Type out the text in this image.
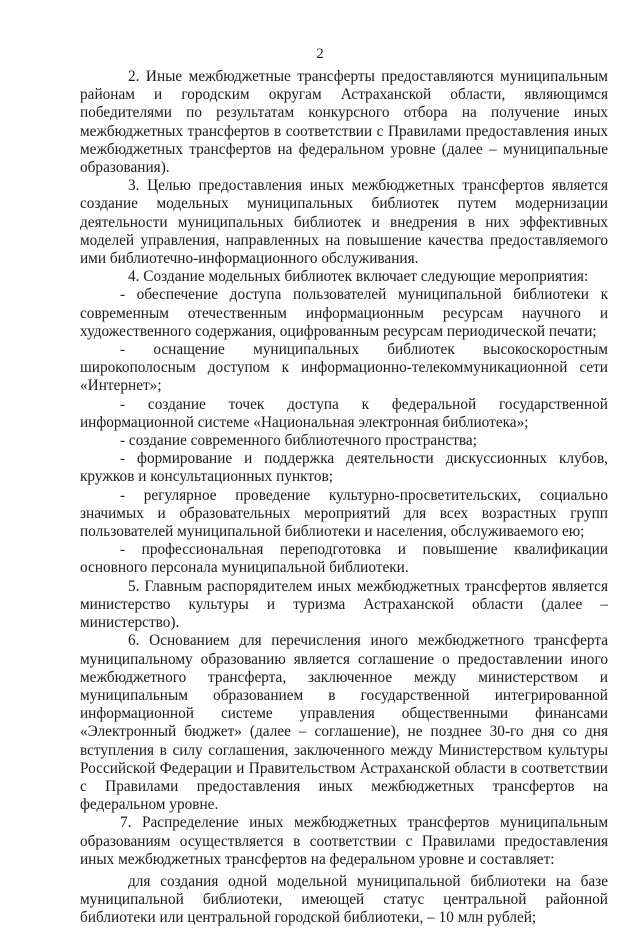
2

2. Иные межбюджетные трансферты предоставляются муниципальным районам и городским округам Астраханской области, являющимся победителями по результатам конкурсного отбора на получение иных межбюджетных трансфертов в соответствии с Правилами предоставления иных межбюджетных трансфертов на федеральном уровне (далее – муниципальные образования).

3. Целью предоставления иных межбюджетных трансфертов является создание модельных муниципальных библиотек путем модернизации деятельности муниципальных библиотек и внедрения в них эффективных моделей управления, направленных на повышение качества предоставляемого ими библиотечно-информационного обслуживания.

4. Создание модельных библиотек включает следующие мероприятия:

- обеспечение доступа пользователей муниципальной библиотеки к современным отечественным информационным ресурсам научного и художественного содержания, оцифрованным ресурсам периодической печати;

- оснащение муниципальных библиотек высокоскоростным широкополосным доступом к информационно-телекоммуникационной сети «Интернет»;

- создание точек доступа к федеральной государственной информационной системе «Национальная электронная библиотека»;

- создание современного библиотечного пространства;

- формирование и поддержка деятельности дискуссионных клубов, кружков и консультационных пунктов;

- регулярное проведение культурно-просветительских, социально значимых и образовательных мероприятий для всех возрастных групп пользователей муниципальной библиотеки и населения, обслуживаемого ею;

- профессиональная переподготовка и повышение квалификации основного персонала муниципальной библиотеки.

5. Главным распорядителем иных межбюджетных трансфертов является министерство культуры и туризма Астраханской области (далее – министерство).

6. Основанием для перечисления иного межбюджетного трансферта муниципальному образованию является соглашение о предоставлении иного межбюджетного трансферта, заключенное между министерством и муниципальным образованием в государственной интегрированной информационной системе управления общественными финансами «Электронный бюджет» (далее – соглашение), не позднее 30-го дня со дня вступления в силу соглашения, заключенного между Министерством культуры Российской Федерации и Правительством Астраханской области в соответствии с Правилами предоставления иных межбюджетных трансфертов на федеральном уровне.

7. Распределение иных межбюджетных трансфертов муниципальным образованиям осуществляется в соответствии с Правилами предоставления иных межбюджетных трансфертов на федеральном уровне и составляет:

для создания одной модельной муниципальной библиотеки на базе муниципальной библиотеки, имеющей статус центральной районной библиотеки или центральной городской библиотеки, – 10 млн рублей;
